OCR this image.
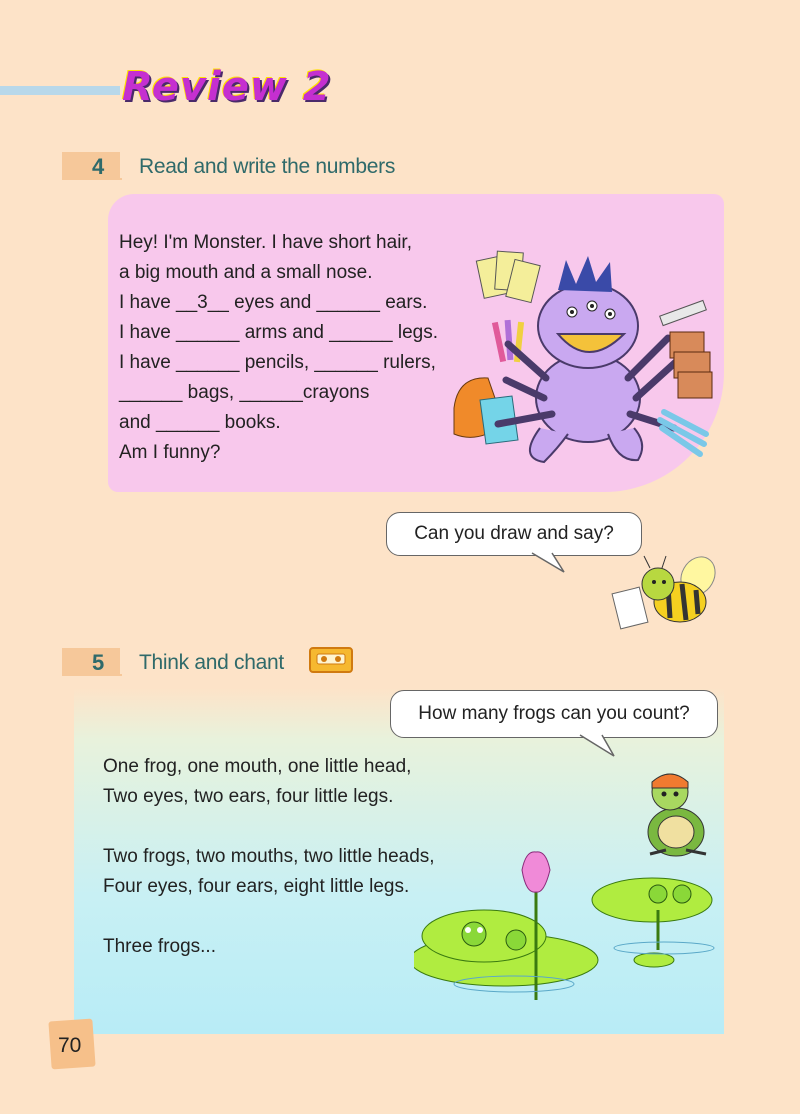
Review 2
4 Read and write the numbers
Hey! I'm Monster. I have short hair,
a big mouth and a small nose.
I have __3__ eyes and ______ ears.
I have ______ arms and ______ legs.
I have ______ pencils, ______ rulers,
______ bags, ______crayons
and ______ books.
Am I funny?
Can you draw and say?
5 Think and chant
How many frogs can you count?
One frog, one mouth, one little head,
Two eyes, two ears, four little legs.

Two frogs, two mouths, two little heads,
Four eyes, four ears, eight little legs.

Three frogs...
70
